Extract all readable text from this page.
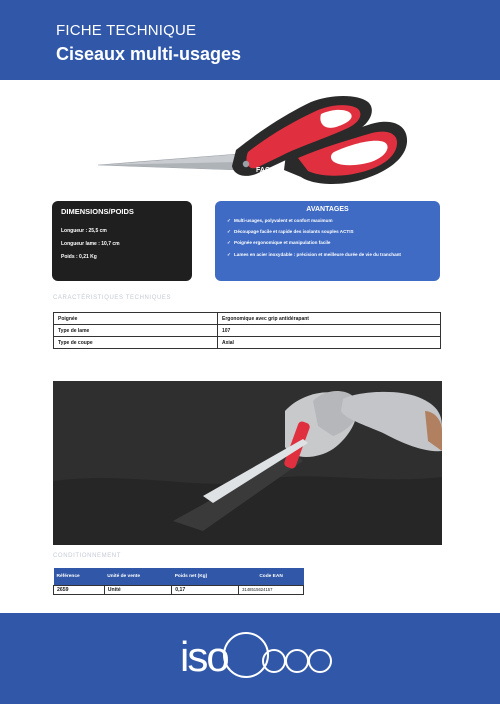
FICHE TECHNIQUE
Ciseaux multi-usages
FACOM
DIMENSIONS/POIDS
Longueur : 25,5 cm
Longueur lame : 10,7 cm
Poids : 0,21 Kg
AVANTAGES
✓ Multi-usages, polyvalent et confort maximum
✓ Découpage facile et rapide des isolants souples ACTIS
✓ Poignée ergonomique et manipulation facile
✓ Lames en acier inoxydable : précision et meilleure durée de vie du tranchant
CARACTÉRISTIQUES TECHNIQUES
Poignée	Ergonomique avec grip antidérapant
Type de lame	107
Type de coupe	Axial
CONDITIONNEMENT
Référence	Unité de vente	Poids net (Kg)	Code EAN
2659	Unité	0,17	3148515624157
iso
